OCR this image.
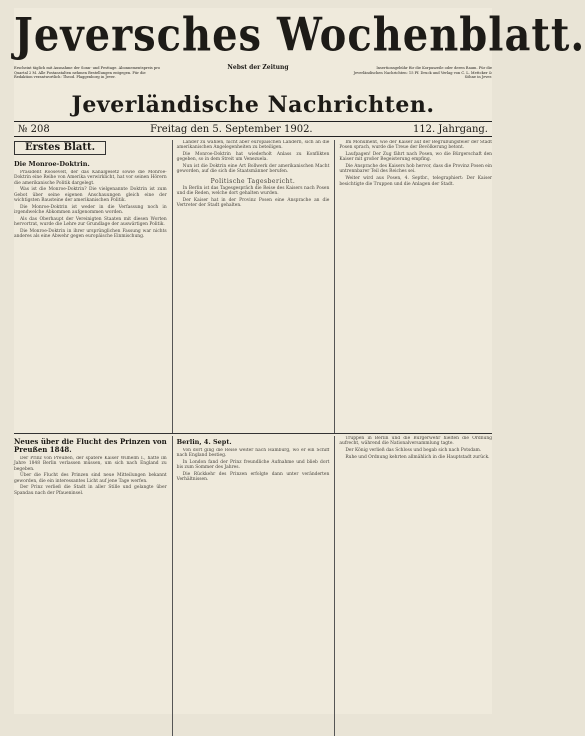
Jeversches Wochenblatt.
Erscheint täglich mit Ausnahme der Sonn- und Festtage. Abonnementspreis pro Quartal 2 M. Alle Postanstalten nehmen Bestellungen entgegen. Für die Redaktion verantwortlich: Theod. Plaggenborg in Jever.
Nebst der Zeitung	Insertionsgebühr für die Korpuszeile oder deren Raum. Für die Jeverländischen Nachrichten: 15 Pf. Druck und Verlag von C. L. Mettcker & Söhne in Jever.
Jeverländische Nachrichten.
№ 208	Freitag den 5. September 1902.	112. Jahrgang.
Erstes Blatt.
Die Monroe-Doktrin.

Präsident Roosevelt, der das Kanalgesetz sowie die Monroe-Doktrin eine Reihe von Amerika verwirklicht, hat vor seinen Hörern die amerikanische Politik dargelegt.

Was ist die Monroe-Doktrin? Die vielgenannte Doktrin ist zum Gebot über seine eigenen Anschauungen gleich eine der wichtigsten Bausteine der amerikanischen Politik.

Die Monroe-Doktrin ist weder in die Verfassung noch in irgendwelche Abkommen aufgenommen worden.

Als das Oberhaupt der Vereinigten Staaten mit diesen Worten hervortrat, wurde die Lehre zur Grundlage der auswärtigen Politik.

Die Monroe-Doktrin in ihrer ursprünglichen Fassung war nichts anderes als eine Abwehr gegen europäische Einmischung.

Länder zu wählen, nicht aber europäischen Ländern, sich an die amerikanischen Angelegenheiten zu beteiligen.

Die Monroe-Doktrin hat wiederholt Anlass zu Konflikten gegeben, so in dem Streit um Venezuela.

Nun ist die Doktrin eine Art Bollwerk der amerikanischen Macht geworden, auf die sich die Staatsmänner berufen.

Politische Tagesbericht.

In Berlin ist das Tagesgespräch die Reise des Kaisers nach Posen und die Reden, welche dort gehalten wurden.

Der Kaiser hat in der Provinz Posen eine Ansprache an die Vertreter der Stadt gehalten.

Im Monument, wie der Kaiser auf der Begrüßungsfeier der Stadt Posen sprach, wurde die Treue der Bevölkerung betont.

Laufpagen! Der Zug fährt nach Posen, wo die Bürgerschaft den Kaiser mit großer Begeisterung empfing.

Die Ansprache des Kaisers hob hervor, dass die Provinz Posen ein untrennbarer Teil des Reiches sei.

Weiter wird aus Posen, 4. Septbr., telegraphiert: Der Kaiser besichtigte die Truppen und die Anlagen der Stadt.

Neues über die Flucht des Prinzen von Preußen 1848.

Der Prinz von Preußen, der spätere Kaiser Wilhelm I., hatte im Jahre 1848 Berlin verlassen müssen, um sich nach England zu begeben.

Über die Flucht des Prinzen sind neue Mitteilungen bekannt geworden, die ein interessantes Licht auf jene Tage werfen.

Der Prinz verließ die Stadt in aller Stille und gelangte über Spandau nach der Pfaueninsel.

Berlin, 4. Sept.

Von dort ging die Reise weiter nach Hamburg, wo er ein Schiff nach England bestieg.

In London fand der Prinz freundliche Aufnahme und blieb dort bis zum Sommer des Jahres.

Die Rückkehr des Prinzen erfolgte dann unter veränderten Verhältnissen.

Truppen in Berlin und die Bürgerwehr hielten die Ordnung aufrecht, während die Nationalversammlung tagte.

Der König verließ das Schloss und begab sich nach Potsdam.

Ruhe und Ordnung kehrten allmählich in die Hauptstadt zurück.
